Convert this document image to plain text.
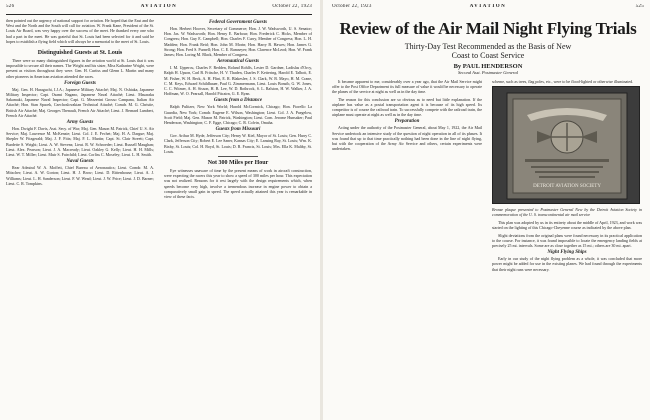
526	AVIATION	October 22, 1923

then pointed out the urgency of national support for aviation. He hoped that the East and the West and the North and the South will call for aviation. W. Frank Kane, President of the St. Louis Air Board, was very happy over the success of the meet. He thanked every one who had a part in the meet. He was grateful that St. Louis had been selected for it and said he hopes to establish a flying field which will always be a memorial to the meet of St. Louis.

Distinguished Guests at St. Louis

There were so many distinguished figures in the aviation world at St. Louis that it was impossible to secure all their names. The Wright and his sister, Miss Katharine Wright, were present as visitors throughout they were. Gen. H. Curtiss and Glenn L. Martin and many other pioneers in American aviation attended the races.

Foreign Guests

Maj. Gen. H. Haraguchi, I.J.A.; Japanese Military Attaché; Maj. N. Oshiaka, Japanese Military Inspector; Capt. Osami Nagano, Japanese Naval Attaché; Lieut. Masaraku Sakamaki, Japanese Naval Inspector; Capt. G. Mezzerini Grosso Campana, Italian Air Attaché; Hon. Stan Spacek, Czechoslovakian Technical Attaché; Comdr. M. G. Christie, British Air Attaché; Maj. Georges Thenault, French Air Attaché; Lieut. J. Bernard Lambert, French Air Attaché.

Army Guests

Hon. Dwight F. Davis, Asst. Secy. of War; Maj. Gen. Mason M. Patrick, Chief U. S. Air Service; Maj. Lawrence M. McKenzie; Lieut. Col. J. E. Fechet; Maj. H. A. Dargue; Maj. Shepler W. Fitzgerald; Maj. J. F. Fitts; Maj. F. L. Martin; Capt. St. Clair Streett; Capt. Burdette S. Wright; Lieut. A. W. Stevens; Lieut. R. W. Schroeder; Lieut. Russell Maughan; Lieut. Alex. Pearson; Lieut. J. A. Macready; Lieut. Oakley G. Kelly; Lieut. H. H. Mills; Lieut. W. T. Miller; Lieut. Muir S. Fairchild; Lieut. Corliss C. Moseley; Lieut. L. H. Smith.

Naval Guests

Rear Admiral W. A. Moffett, Chief Bureau of Aeronautics; Lieut. Comdr. M. A. Mitscher; Lieut. A. W. Gorton; Lieut. H. J. Brow; Lieut. D. Rittenhouse; Lieut. A. J. Williams; Lieut. L. H. Sanderson; Lieut. F. W. Wead; Lieut. J. W. Price; Lieut. J. D. Barner; Lieut. C. R. Tompkins.

Federal Government Guests

Hon. Herbert Hoover, Secretary of Commerce; Hon. J. W. Wadsworth, U. S. Senator; Hon. Jas. W. Wadsworth; Hon. Henry E. Barbour; Hon. Frederick C. Hicks, Member of Congress; Hon. Guy E. Campbell; Hon. Charles F. Curry, Member of Congress; Hon. L. H. Madden; Hon. Frank Reid; Hon. John M. Morin; Hon. Harry B. Hawes; Hon. James G. Strong; Hon. Fred S. Purnell; Hon. C. E. Ramseyer; Hon. Clarence McLeod; Hon. W. Frank James; Hon. Loring M. Black, Member of Congress.

Aeronautical Guests

I. M. Uppercu, Charles F. Redden, Roland Rohlfs, Lester D. Gardner, Ladislas d'Orcy, Ralph H. Upson, Carl B. Fritsche, H. V. Thaden, Charles F. Kettering, Harold E. Talbott, E. M. Fisher, W. H. Beck, A. H. Flint, E. R. Blakeslee, J. S. Clark, W. B. Mayo, H. M. Crane, C. M. Keys, Edward Schildhauer, Paul G. Zimmermann, Lieut. Louis Bonsib, G. W. Jones, C. C. Witmer, A. H. Sisson, H. B. Lee, W. D. Rothrock, S. L. Ralston, H. W. Walker, J. A. Hoffman, W. O. Pearsall, Harold Pitcairn, G. E. Ryan.

Guests from a Distance

Ralph Pulitzer, New York World; Harold McCormick, Chicago; Hon. Fiorello La Guardia, New York; Comdr. Eugene E. Wilson, Washington; Lieut. Col. J. A. Paegelow, Scott Field; Maj. Gen. Mason M. Patrick, Washington; Lieut. Com. Jerome Hunsaker; Paul Henderson, Washington; C. F. Egge, Chicago; C. R. Colvin, Omaha.

Guests from Missouri

Gov. Arthur M. Hyde, Jefferson City; Henry W. Kiel, Mayor of St. Louis; Gen. Harry C. Clark, Jefferson City; Robert E. Lee Saner, Kansas City; E. Lansing Ray, St. Louis; Wm. K. Bixby, St. Louis; Col. H. Boyd, St. Louis; D. R. Francis, St. Louis; Mrs. Ella K. Maltby, St. Louis.

Not 300 Miles per Hour

Eye witnesses unaware of time by the present means of work in aircraft construction, were expecting the racers this year to show a speed of 300 miles per hour. This expectation was not realized. Reasons for it rest largely with the design requirements which, when speeds become very high, involve a tremendous increase in engine power to obtain a comparatively small gain in speed. The speed actually attained this year is remarkable in view of these facts.

October 22, 1923	AVIATION	525
Review of the Air Mail Night Flying Trials
Thirty-Day Test Recommended as the Basis of New
Coast to Coast Service
By PAUL HENDERSON
Second Asst. Postmaster General

It became apparent to me, considerably over a year ago, that the Air Mail Service might offer to the Post Office Department its full measure of value it would be necessary to operate the planes of the service at night as well as in the day time.

The reason for this conclusion are so obvious as to need but little explanation. If the airplane has value as a postal transportation agent it is because of its high speed. Its competitor is of course the railroad train. To successfully compete with the railroad train, the airplane must operate at night as well as in the day time.

Preparation

Acting under the authority of the Postmaster General, about May 1, 1922, the Air Mail Service undertook an intensive study of the question of night operation in all of its phases. It was found that up to that time practically nothing had been done in the line of night flying, but with the cooperation of the Army Air Service and others, certain experiments were undertaken.

scheme, such as trees, flag poles, etc., were to be flood-lighted or otherwise illuminated.

DETROIT AVIATION SOCIETY
Bronze plaque presented to Postmaster General New by the Detroit Aviation Society in commemoration of the U. S. transcontinental air mail service

This plan was adopted by us in its entirety about the middle of April, 1923, and work was started on the lighting of this Chicago-Cheyenne course as indicated by the above plan.

Slight deviations from the original plans were found necessary in its practical application to the course. For instance, it was found impossible to locate the emergency landing fields at precisely 25 mi. intervals. Some are as close together as 15 mi.; others are 30 mi. apart.

Night Flying Ships

Early in our study of the night flying problem as a whole, it was concluded that more power might be added for use in the existing planes. We had found through the experiments that their night runs were necessary.
